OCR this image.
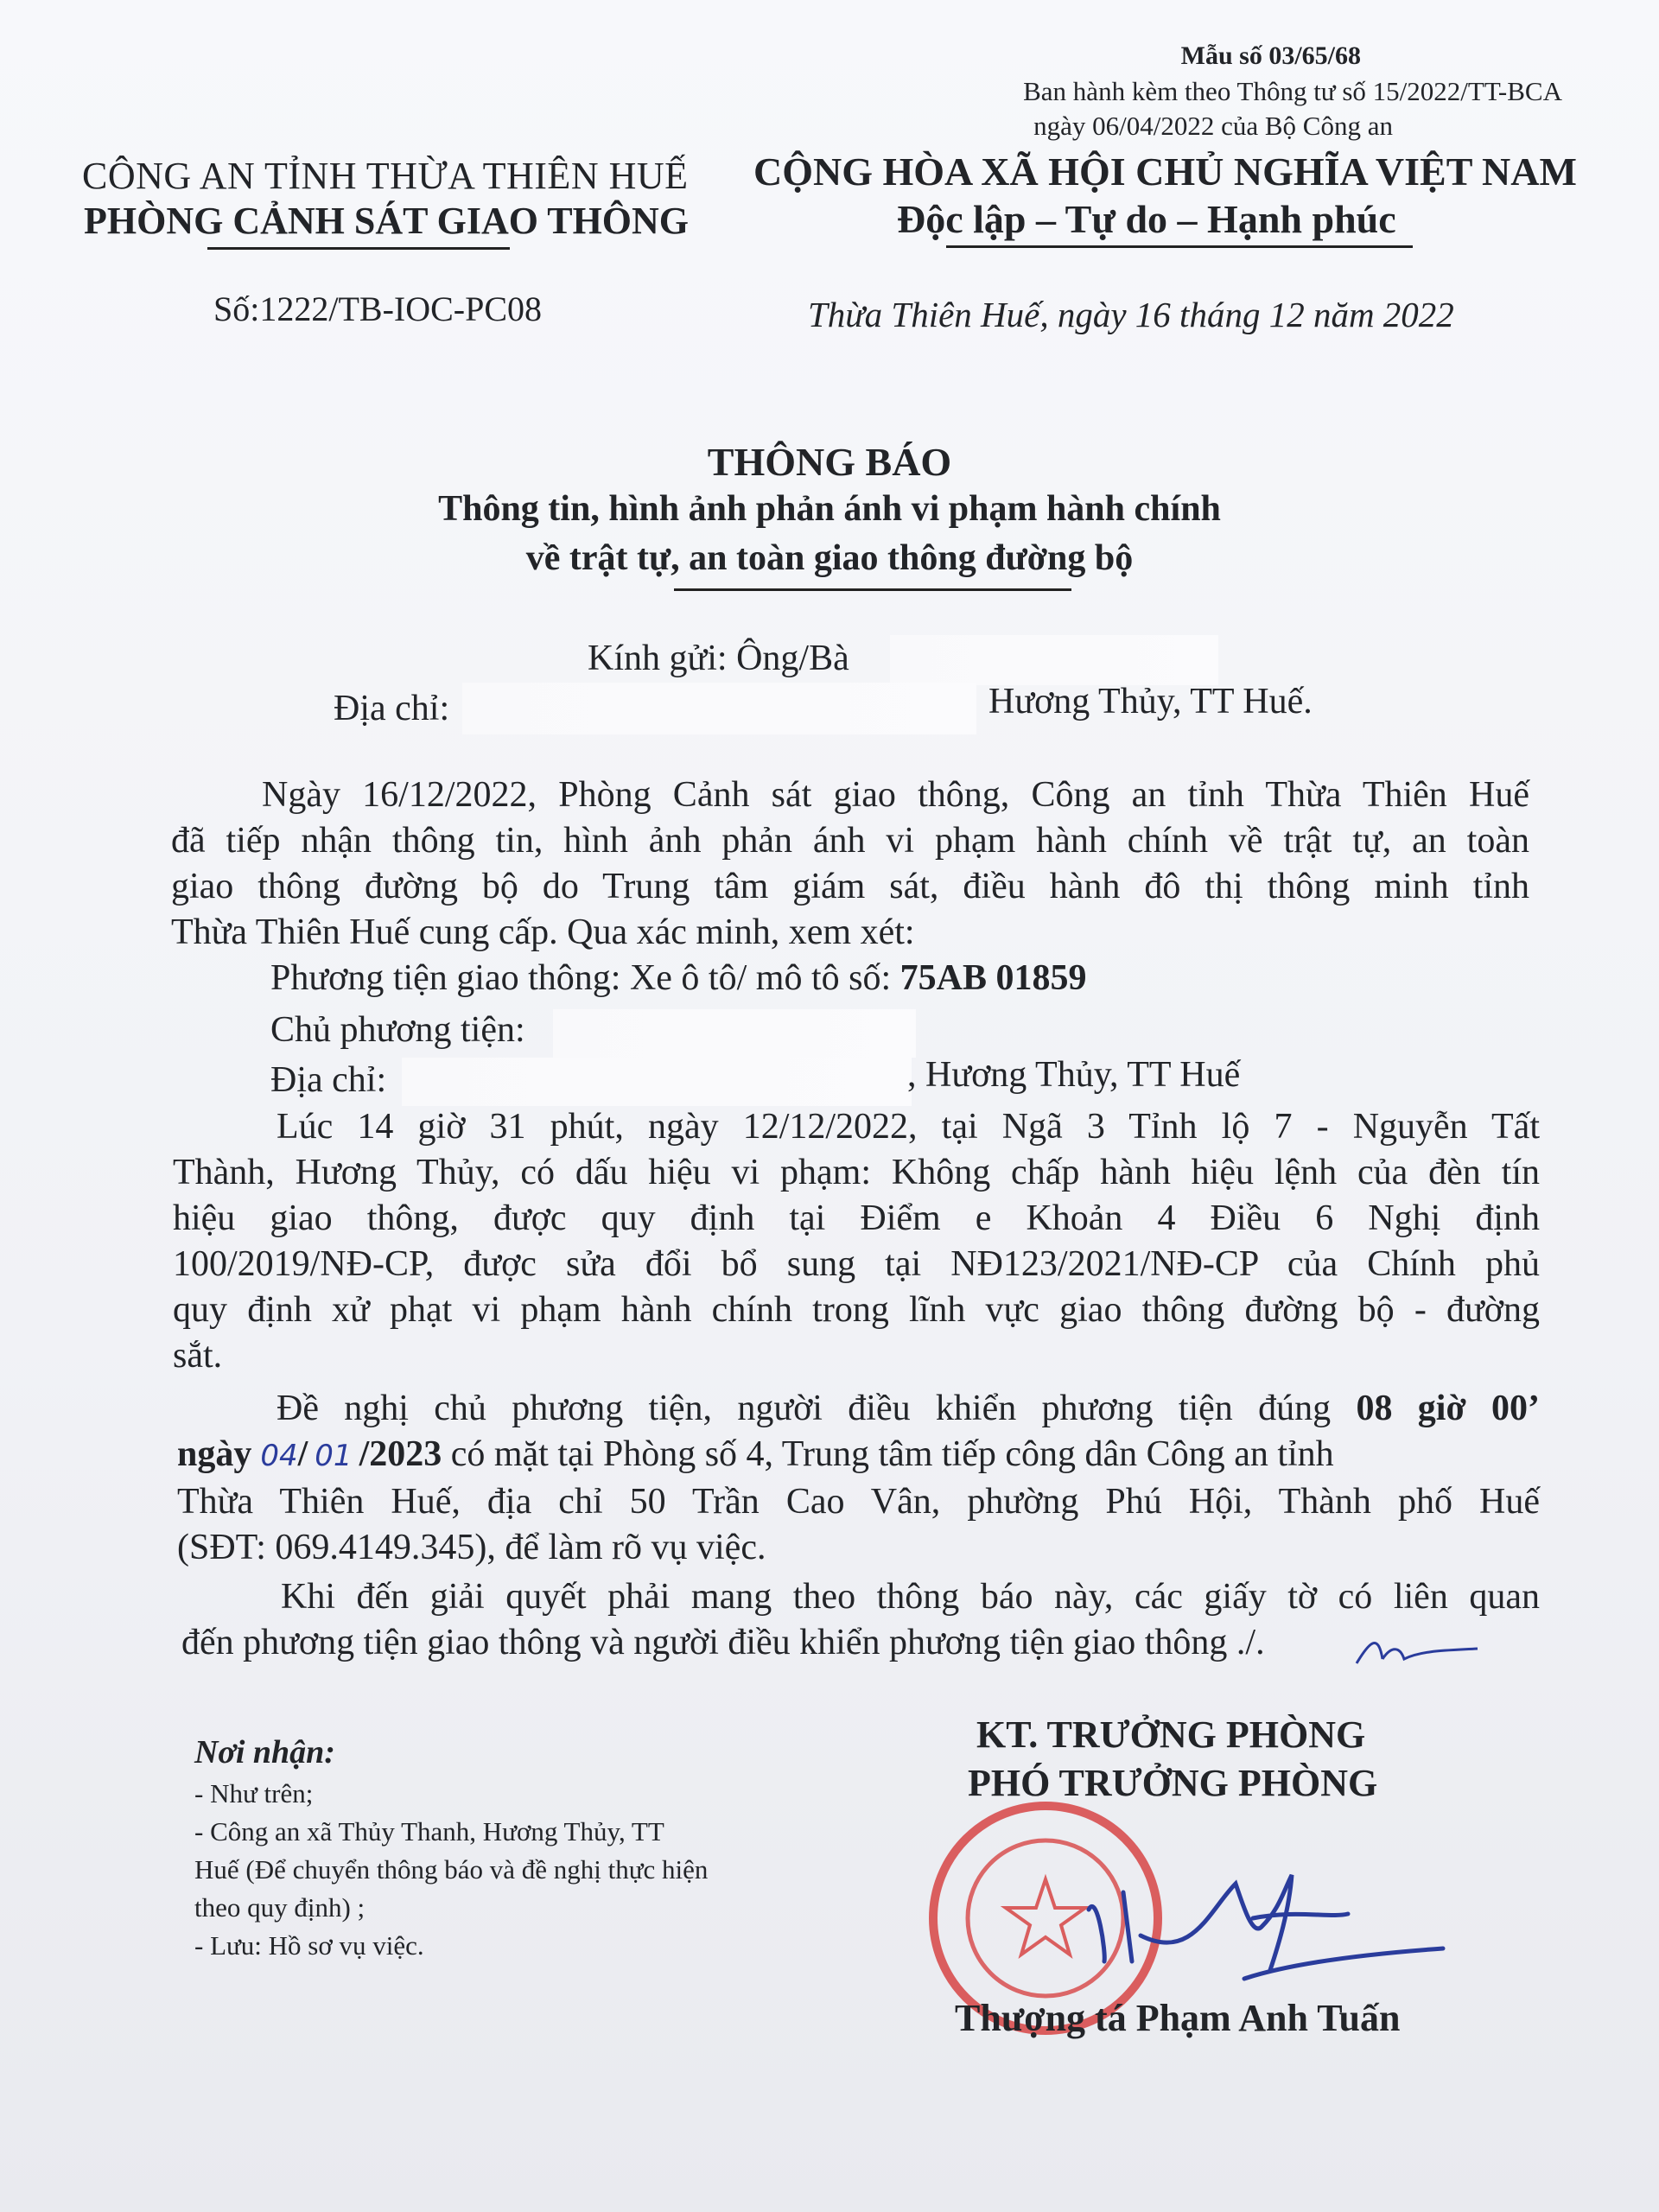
Mẫu số 03/65/68
Ban hành kèm theo Thông tư số 15/2022/TT-BCA
ngày 06/04/2022 của Bộ Công an
CÔNG AN TỈNH THỪA THIÊN HUẾ
PHÒNG CẢNH SÁT GIAO THÔNG
CỘNG HÒA XÃ HỘI CHỦ NGHĨA VIỆT NAM
Độc lập – Tự do – Hạnh phúc
Số:1222/TB-IOC-PC08	Thừa Thiên Huế, ngày 16 tháng 12 năm 2022
THÔNG BÁO
Thông tin, hình ảnh phản ánh vi phạm hành chính
về trật tự, an toàn giao thông đường bộ
Kính gửi: Ông/Bà
Địa chỉ:	Hương Thủy, TT Huế.
Ngày 16/12/2022, Phòng Cảnh sát giao thông, Công an tỉnh Thừa Thiên Huế
đã tiếp nhận thông tin, hình ảnh phản ánh vi phạm hành chính về trật tự, an toàn
giao thông đường bộ do Trung tâm giám sát, điều hành đô thị thông minh tỉnh
Thừa Thiên Huế cung cấp. Qua xác minh, xem xét:
Phương tiện giao thông: Xe ô tô/ mô tô số: 75AB 01859
Chủ phương tiện:
Địa chỉ:	, Hương Thủy, TT Huế
Lúc 14 giờ 31 phút, ngày 12/12/2022, tại Ngã 3 Tỉnh lộ 7 - Nguyễn Tất
Thành, Hương Thủy, có dấu hiệu vi phạm: Không chấp hành hiệu lệnh của đèn tín
hiệu giao thông, được quy định tại Điểm e Khoản 4 Điều 6 Nghị định
100/2019/NĐ-CP, được sửa đổi bổ sung tại NĐ123/2021/NĐ-CP của Chính phủ
quy định xử phạt vi phạm hành chính trong lĩnh vực giao thông đường bộ - đường
sắt.
Đề nghị chủ phương tiện, người điều khiển phương tiện đúng 08 giờ 00’
ngày 04/ 01 /2023 có mặt tại Phòng số 4, Trung tâm tiếp công dân Công an tỉnh
Thừa Thiên Huế, địa chỉ 50 Trần Cao Vân, phường Phú Hội, Thành phố Huế
(SĐT: 069.4149.345), để làm rõ vụ việc.
Khi đến giải quyết phải mang theo thông báo này, các giấy tờ có liên quan
đến phương tiện giao thông và người điều khiển phương tiện giao thông ./.
Nơi nhận:
- Như trên;
- Công an xã Thủy Thanh, Hương Thủy, TT
Huế (Để chuyển thông báo và đề nghị thực hiện
theo quy định) ;
- Lưu: Hồ sơ vụ việc.
KT. TRƯỞNG PHÒNG
PHÓ TRƯỞNG PHÒNG
Thượng tá Phạm Anh Tuấn
